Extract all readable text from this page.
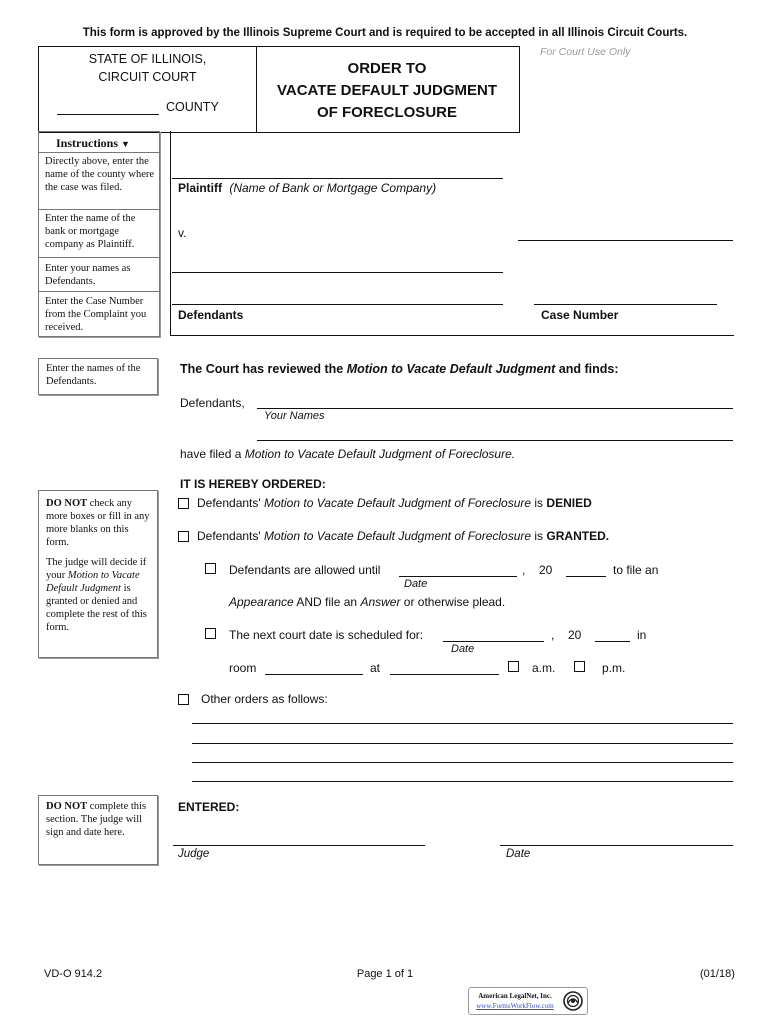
This form is approved by the Illinois Supreme Court and is required to be accepted in all Illinois Circuit Courts.
STATE OF ILLINOIS,
CIRCUIT COURT
COUNTY
ORDER TO
VACATE DEFAULT JUDGMENT
OF FORECLOSURE
For Court Use Only
Instructions ▼
Directly above, enter the name of the county where the case was filed.
Enter the name of the bank or mortgage company as Plaintiff.
Enter your names as Defendants.
Enter the Case Number from the Complaint you received.
Plaintiff (Name of Bank or Mortgage Company)
v.
Defendants	Case Number
Enter the names of the Defendants.
The Court has reviewed the Motion to Vacate Default Judgment and finds:
Defendants,
Your Names
have filed a Motion to Vacate Default Judgment of Foreclosure.
DO NOT check any more boxes or fill in any more blanks on this form.
The judge will decide if your Motion to Vacate Default Judgment is granted or denied and complete the rest of this form.
IT IS HEREBY ORDERED:
Defendants' Motion to Vacate Default Judgment of Foreclosure is DENIED
Defendants' Motion to Vacate Default Judgment of Foreclosure is GRANTED.
Defendants are allowed until	, 20	to file an
Date
Appearance AND file an Answer or otherwise plead.
The next court date is scheduled for:	, 20	in
Date
room	at	a.m.	p.m.
Other orders as follows:
DO NOT complete this section. The judge will sign and date here.
ENTERED:
Judge	Date
VD-O 914.2	Page 1 of 1	(01/18)
American LegalNet, Inc.
www.FormsWorkFlow.com
